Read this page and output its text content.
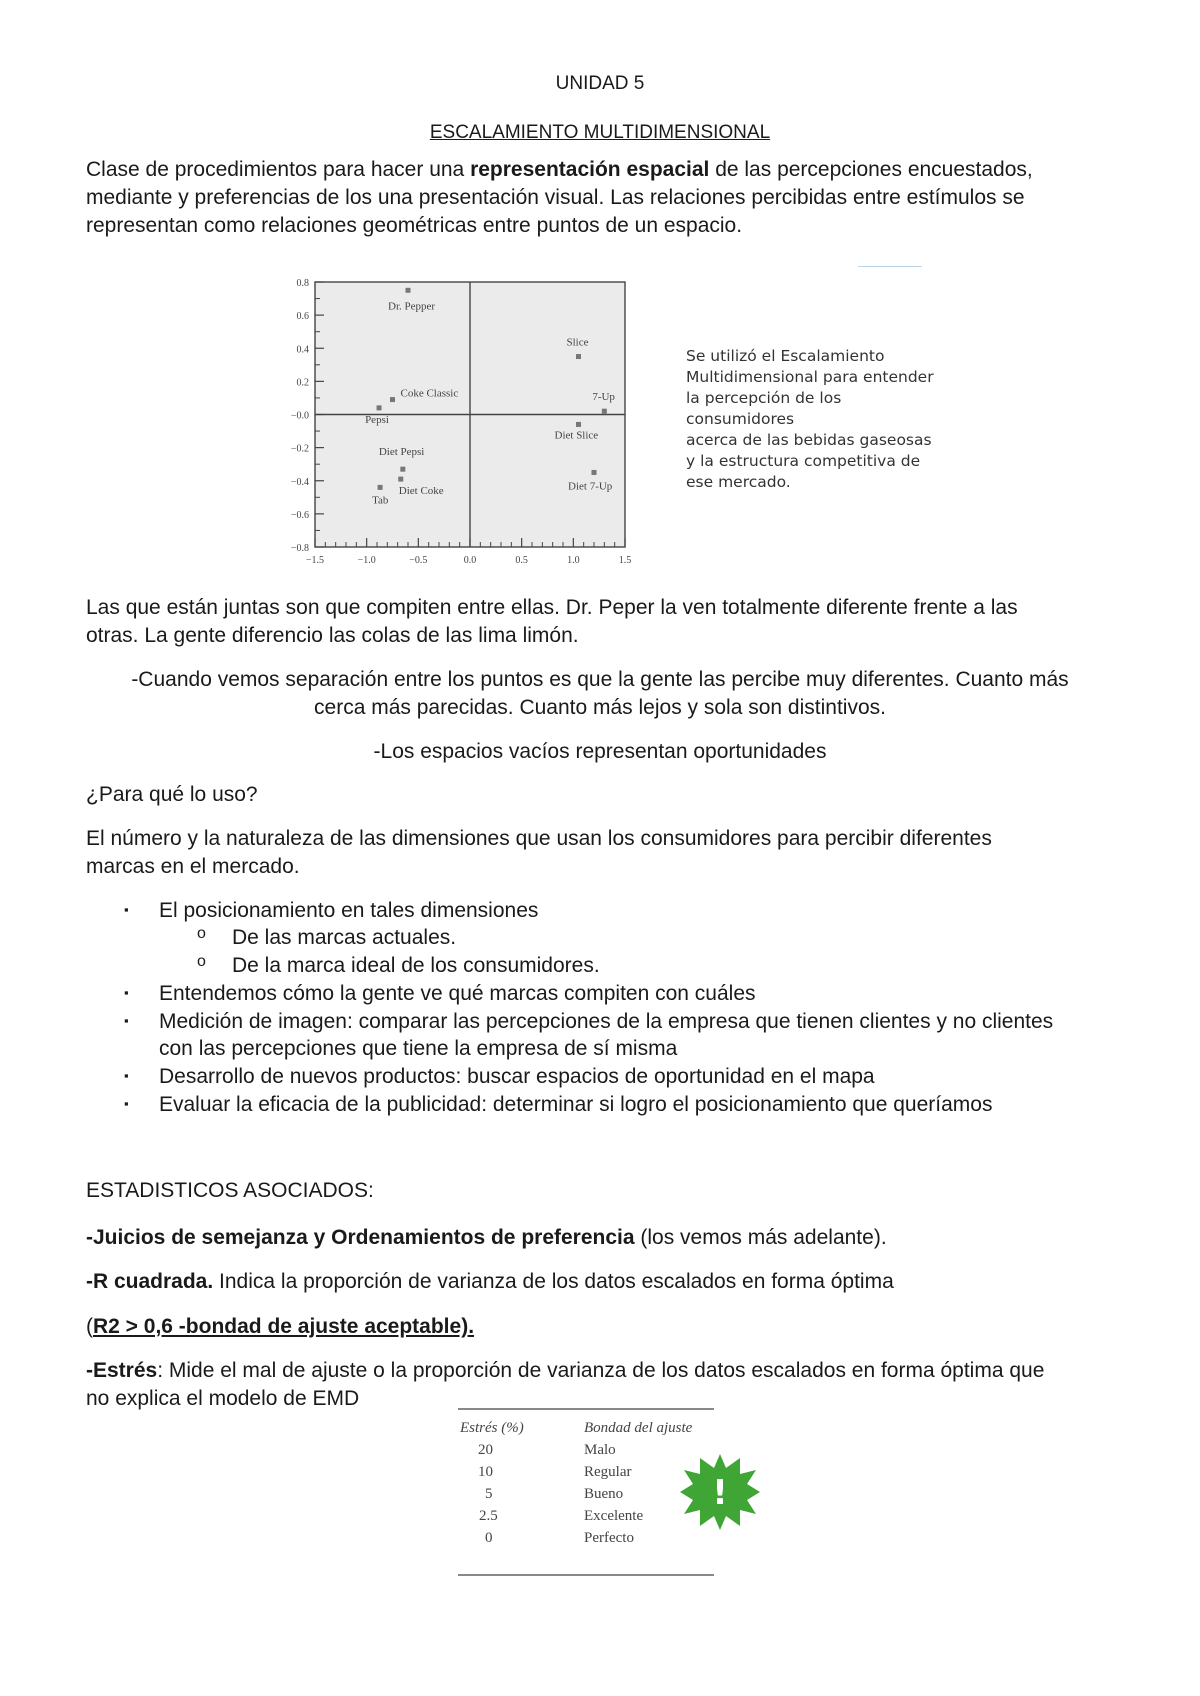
UNIDAD 5
ESCALAMIENTO MULTIDIMENSIONAL
Clase de procedimientos para hacer una representación espacial de las percepciones encuestados,
mediante y preferencias de los una presentación visual. Las relaciones percibidas entre estímulos se
representan como relaciones geométricas entre puntos de un espacio.
0.8
0.6
0.4
0.2
−0.0
−0.2
−0.4
−0.6
−0.8
−1.5	−1.0	−0.5	0.0	0.5	1.0	1.5
Dr. Pepper
Slice
Coke Classic
Pepsi
7-Up
Diet Slice
Diet Pepsi
Diet Coke	Diet 7-Up
Tab
Se utilizó el Escalamiento
Multidimensional para entender
la percepción de los
consumidores
acerca de las bebidas gaseosas
y la estructura competitiva de
ese mercado.
Las que están juntas son que compiten entre ellas. Dr. Peper la ven totalmente diferente frente a las
otras. La gente diferencio las colas de las lima limón.
-Cuando vemos separación entre los puntos es que la gente las percibe muy diferentes. Cuanto más
cerca más parecidas. Cuanto más lejos y sola son distintivos.
-Los espacios vacíos representan oportunidades
¿Para qué lo uso?
El número y la naturaleza de las dimensiones que usan los consumidores para percibir diferentes
marcas en el mercado.
▪ El posicionamiento en tales dimensiones
o De las marcas actuales.
o De la marca ideal de los consumidores.
▪ Entendemos cómo la gente ve qué marcas compiten con cuáles
▪ Medición de imagen: comparar las percepciones de la empresa que tienen clientes y no clientes
con las percepciones que tiene la empresa de sí misma
▪ Desarrollo de nuevos productos: buscar espacios de oportunidad en el mapa
▪ Evaluar la eficacia de la publicidad: determinar si logro el posicionamiento que queríamos
ESTADISTICOS ASOCIADOS:
-Juicios de semejanza y Ordenamientos de preferencia (los vemos más adelante).
-R cuadrada. Indica la proporción de varianza de los datos escalados en forma óptima
(R2 > 0,6 -bondad de ajuste aceptable).
-Estrés: Mide el mal de ajuste o la proporción de varianza de los datos escalados en forma óptima que
no explica el modelo de EMD
Estrés (%)	Bondad del ajuste
20	Malo
10	Regular
5	Bueno
2.5	Excelente
0	Perfecto
!
